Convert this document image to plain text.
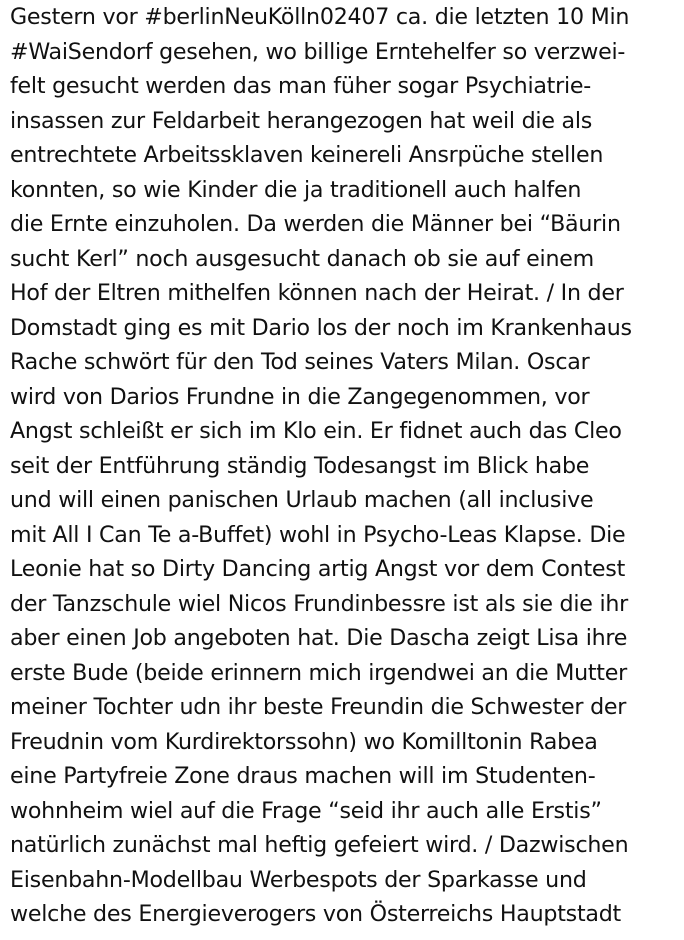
Gestern vor #berlinNeuKölln02407 ca. die letzten 10 Min
#WaiSendorf gesehen, wo billige Erntehelfer so verzwei-
felt gesucht werden das man füher sogar Psychiatrie-
insassen zur Feldarbeit herangezogen hat weil die als
entrechtete Arbeitssklaven keinereli Ansrpüche stellen
konnten, so wie Kinder die ja traditionell auch halfen
die Ernte einzuholen. Da werden die Männer bei “Bäurin
sucht Kerl” noch ausgesucht danach ob sie auf einem
Hof der Eltren mithelfen können nach der Heirat. / In der
Domstadt ging es mit Dario los der noch im Krankenhaus
Rache schwört für den Tod seines Vaters Milan. Oscar
wird von Darios Frundne in die Zangegenommen, vor
Angst schleißt er sich im Klo ein. Er fidnet auch das Cleo
seit der Entführung ständig Todesangst im Blick habe
und will einen panischen Urlaub machen (all inclusive
mit All I Can Te a-Buffet) wohl in Psycho-Leas Klapse. Die
Leonie hat so Dirty Dancing artig Angst vor dem Contest
der Tanzschule wiel Nicos Frundinbessre ist als sie die ihr
aber einen Job angeboten hat. Die Dascha zeigt Lisa ihre
erste Bude (beide erinnern mich irgendwei an die Mutter
meiner Tochter udn ihr beste Freundin die Schwester der
Freudnin vom Kurdirektorssohn) wo Komilltonin Rabea
eine Partyfreie Zone draus machen will im Studenten-
wohnheim wiel auf die Frage “seid ihr auch alle Erstis”
natürlich zunächst mal heftig gefeiert wird. / Dazwischen
Eisenbahn-Modellbau Werbespots der Sparkasse und
welche des Energieverogers von Österreichs Hauptstadt
